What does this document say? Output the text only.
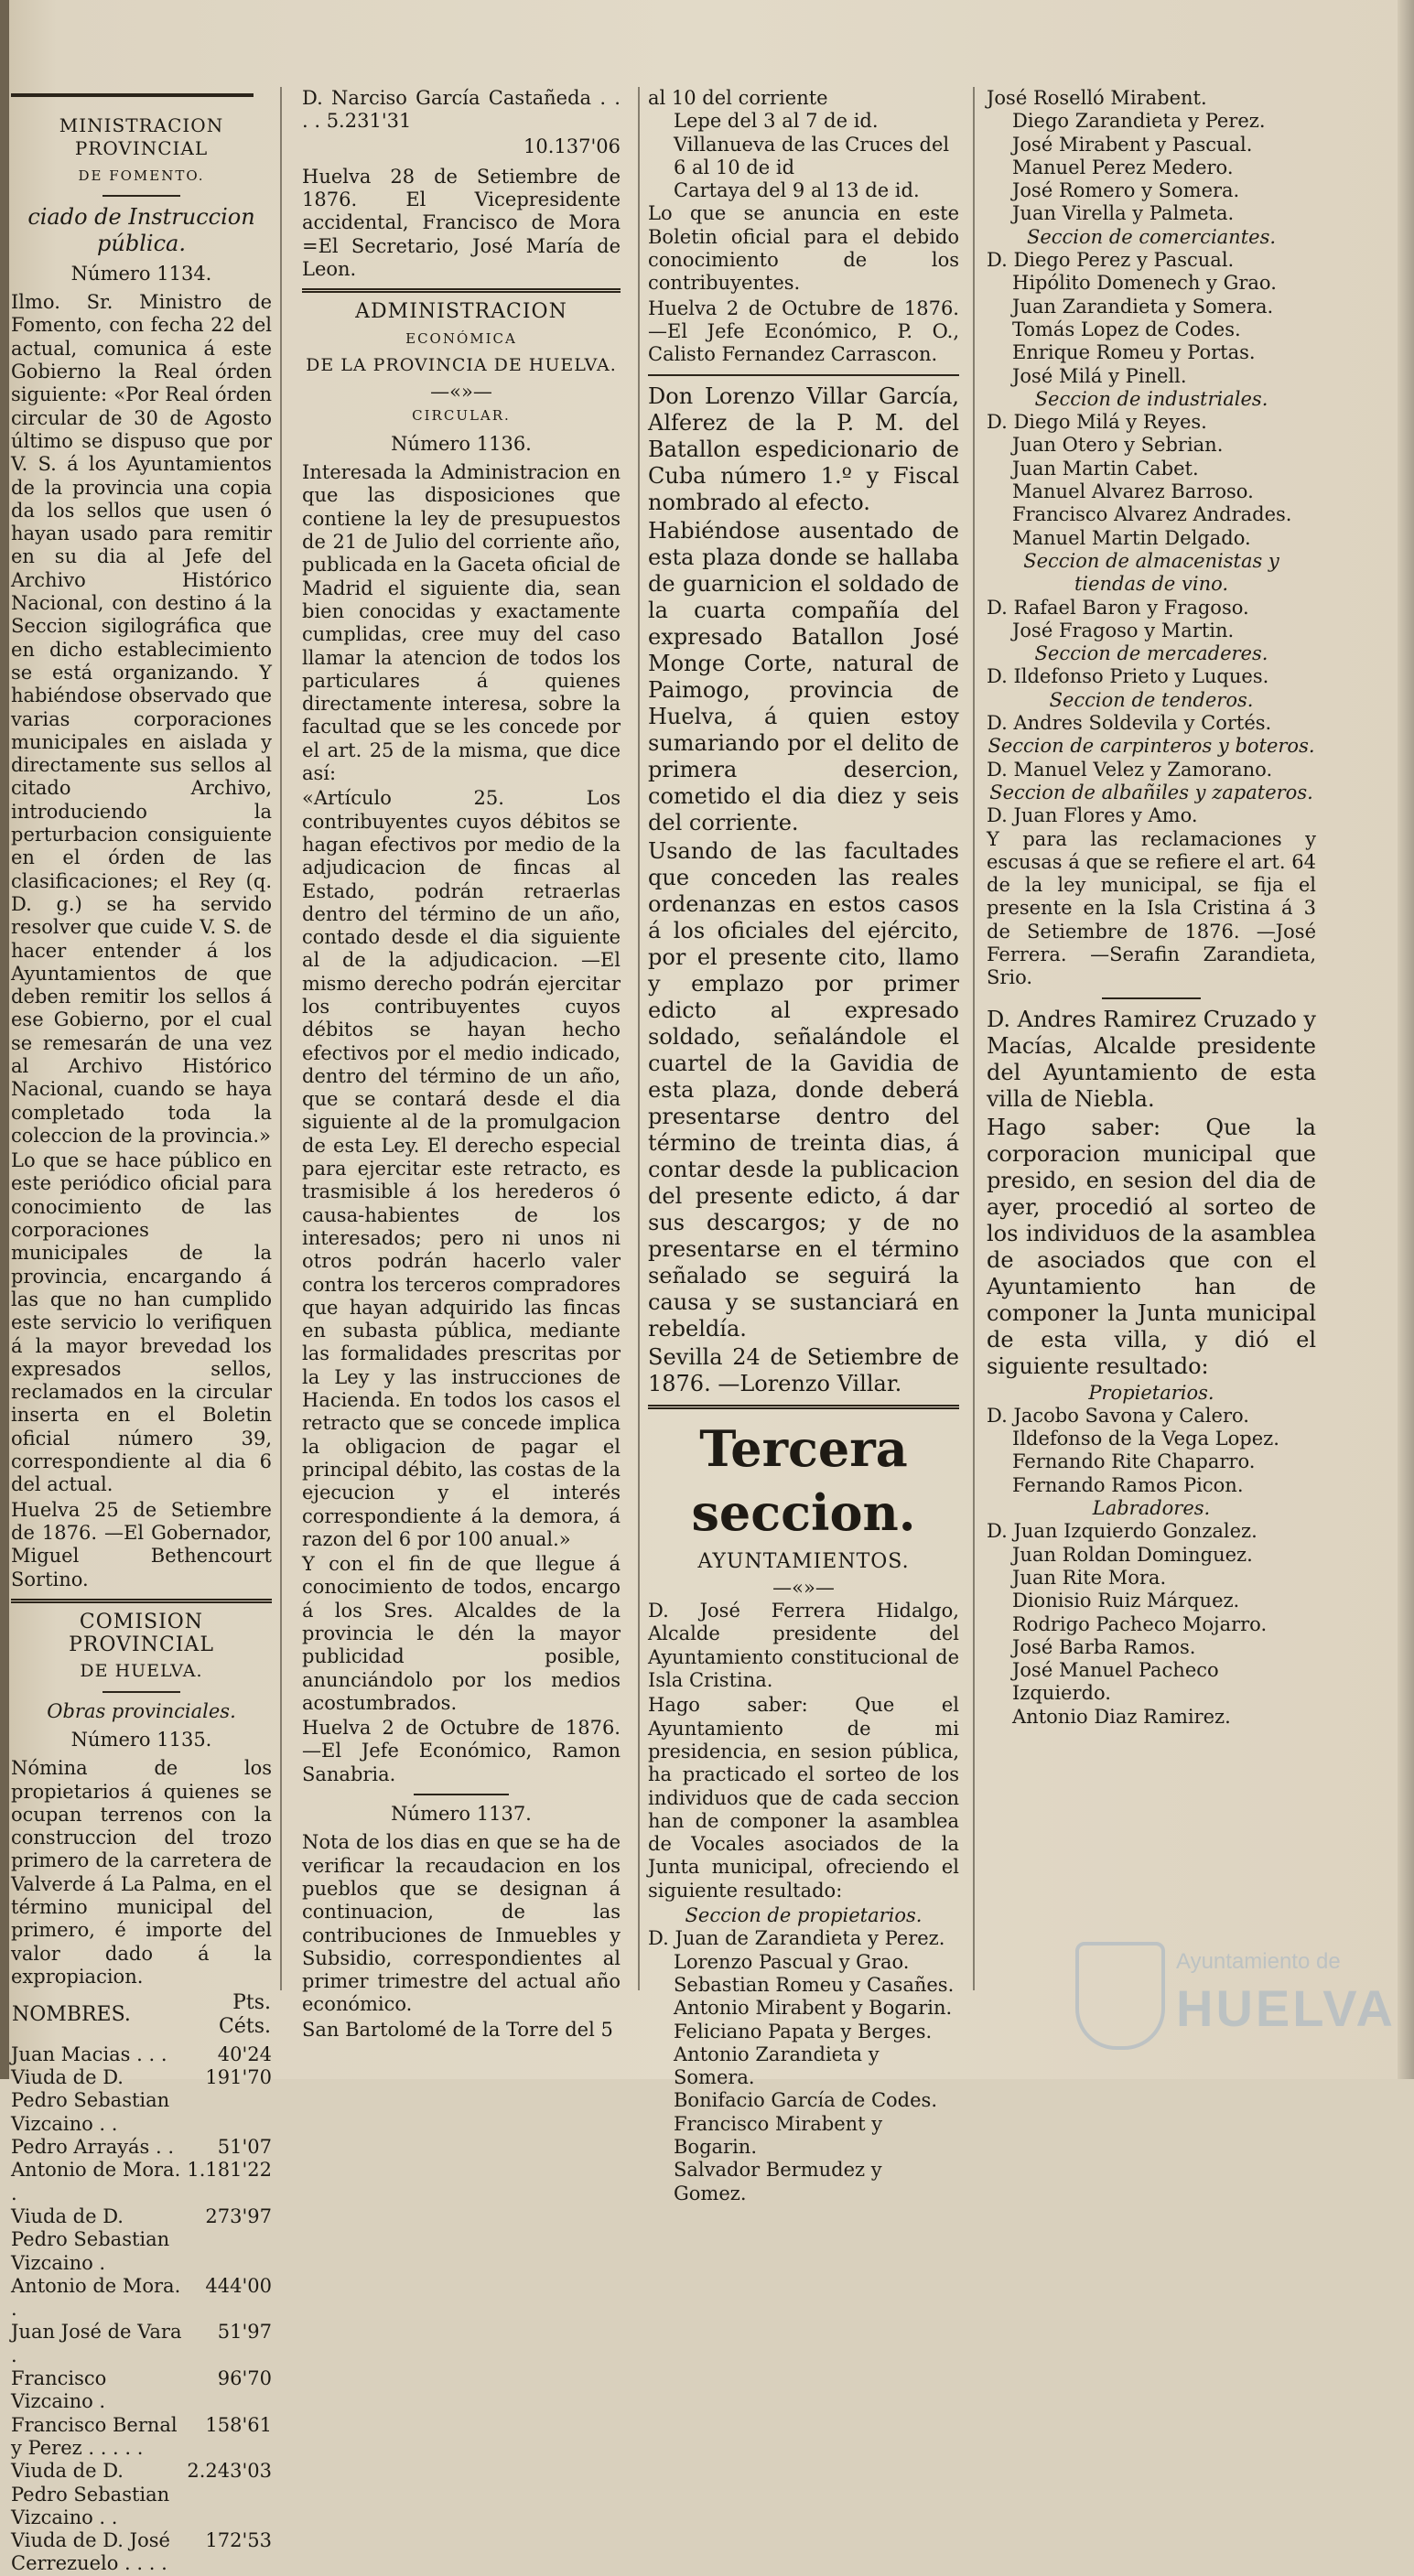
MINISTRACION PROVINCIAL
DE FOMENTO.
ciado de Instruccion pública.
Número 1134.

Ilmo. Sr. Ministro de Fomento, con fecha 22 del actual, comunica á este Gobierno la Real órden siguiente: «Por Real órden circular de 30 de Agosto último se dispuso que por V. S. á los Ayuntamientos de la provincia una copia da los sellos que usen ó hayan usado para remitir en su dia al Jefe del Archivo Histórico Nacional, con destino á la Seccion sigilográfica que en dicho establecimiento se está organizando. Y habiéndose observado que varias corporaciones municipales en aislada y directamente sus sellos al citado Archivo, introduciendo la perturbacion consiguiente en el órden de las clasificaciones; el Rey (q. D. g.) se ha servido resolver que cuide V. S. de hacer entender á los Ayuntamientos de que deben remitir los sellos á ese Gobierno, por el cual se remesarán de una vez al Archivo Histórico Nacional, cuando se haya completado toda la coleccion de la provincia.»

Lo que se hace público en este periódico oficial para conocimiento de las corporaciones municipales de la provincia, encargando á las que no han cumplido este servicio lo verifiquen á la mayor brevedad los expresados sellos, reclamados en la circular inserta en el Boletin oficial número 39, correspondiente al dia 6 del actual.

Huelva 25 de Setiembre de 1876. —El Gobernador, Miguel Bethencourt Sortino.

COMISION PROVINCIAL
DE HUELVA.
Obras provinciales.
Número 1135.

Nómina de los propietarios á quienes se ocupan terrenos con la construccion del trozo primero de la carretera de Valverde á La Palma, en el término municipal del primero, é importe del valor dado á la expropiacion.

NOMBRES.	Pts. Céts.
Juan Macias . . .	40'24
Viuda de D. Pedro Sebastian Vizcaino . .	191'70
Pedro Arrayás . .	51'07
Antonio de Mora. .	1.181'22
Viuda de D. Pedro Sebastian Vizcaino .	273'97
Antonio de Mora. .	444'00
Juan José de Vara .	51'97
Francisco Vizcaino .	96'70
Francisco Bernal y Perez . . . . .	158'61
Viuda de D. Pedro Sebastian Vizcaino . .	2.243'03
Viuda de D. José Cerrezuelo . . . .	172'53

D. Narciso García Castañeda . . . . 5.231'31

10.137'06

Huelva 28 de Setiembre de 1876. El Vicepresidente accidental, Francisco de Mora =El Secretario, José María de Leon.

ADMINISTRACION
ECONÓMICA
DE LA PROVINCIA DE HUELVA.
—«»—
CIRCULAR.
Número 1136.

Interesada la Administracion en que las disposiciones que contiene la ley de presupuestos de 21 de Julio del corriente año, publicada en la Gaceta oficial de Madrid el siguiente dia, sean bien conocidas y exactamente cumplidas, cree muy del caso llamar la atencion de todos los particulares á quienes directamente interesa, sobre la facultad que se les concede por el art. 25 de la misma, que dice así:

«Artículo 25. Los contribuyentes cuyos débitos se hagan efectivos por medio de la adjudicacion de fincas al Estado, podrán retraerlas dentro del término de un año, contado desde el dia siguiente al de la adjudicacion. —El mismo derecho podrán ejercitar los contribuyentes cuyos débitos se hayan hecho efectivos por el medio indicado, dentro del término de un año, que se contará desde el dia siguiente al de la promulgacion de esta Ley. El derecho especial para ejercitar este retracto, es trasmisible á los herederos ó causa-habientes de los interesados; pero ni unos ni otros podrán hacerlo valer contra los terceros compradores que hayan adquirido las fincas en subasta pública, mediante las formalidades prescritas por la Ley y las instrucciones de Hacienda. En todos los casos el retracto que se concede implica la obligacion de pagar el principal débito, las costas de la ejecucion y el interés correspondiente á la demora, á razon del 6 por 100 anual.»

Y con el fin de que llegue á conocimiento de todos, encargo á los Sres. Alcaldes de la provincia le dén la mayor publicidad posible, anunciándolo por los medios acostumbrados.

Huelva 2 de Octubre de 1876. —El Jefe Económico, Ramon Sanabria.

Número 1137.

Nota de los dias en que se ha de verificar la recaudacion en los pueblos que se designan á continuacion, de las contribuciones de Inmuebles y Subsidio, correspondientes al primer trimestre del actual año económico.

San Bartolomé de la Torre del 5

al 10 del corriente
Lepe del 3 al 7 de id.
Villanueva de las Cruces del 6 al 10 de id
Cartaya del 9 al 13 de id.

Lo que se anuncia en este Boletin oficial para el debido conocimiento de los contribuyentes.

Huelva 2 de Octubre de 1876. —El Jefe Económico, P. O., Calisto Fernandez Carrascon.

Don Lorenzo Villar García, Alferez de la P. M. del Batallon espedicionario de Cuba número 1.º y Fiscal nombrado al efecto.

Habiéndose ausentado de esta plaza donde se hallaba de guarnicion el soldado de la cuarta compañía del expresado Batallon José Monge Corte, natural de Paimogo, provincia de Huelva, á quien estoy sumariando por el delito de primera desercion, cometido el dia diez y seis del corriente.

Usando de las facultades que conceden las reales ordenanzas en estos casos á los oficiales del ejército, por el presente cito, llamo y emplazo por primer edicto al expresado soldado, señalándole el cuartel de la Gavidia de esta plaza, donde deberá presentarse dentro del término de treinta dias, á contar desde la publicacion del presente edicto, á dar sus descargos; y de no presentarse en el término señalado se seguirá la causa y se sustanciará en rebeldía.

Sevilla 24 de Setiembre de 1876. —Lorenzo Villar.

Tercera seccion.
AYUNTAMIENTOS.
—«»—

D. José Ferrera Hidalgo, Alcalde presidente del Ayuntamiento constitucional de Isla Cristina.

Hago saber: Que el Ayuntamiento de mi presidencia, en sesion pública, ha practicado el sorteo de los individuos que de cada seccion han de componer la asamblea de Vocales asociados de la Junta municipal, ofreciendo el siguiente resultado:

Seccion de propietarios.
D. Juan de Zarandieta y Perez.
Lorenzo Pascual y Grao.
Sebastian Romeu y Casañes.
Antonio Mirabent y Bogarin.
Feliciano Papata y Berges.
Antonio Zarandieta y Somera.
Bonifacio García de Codes.
Francisco Mirabent y Bogarin.
Salvador Bermudez y Gomez.
José Roselló Mirabent.
Diego Zarandieta y Perez.
José Mirabent y Pascual.
Manuel Perez Medero.
José Romero y Somera.
Juan Virella y Palmeta.
Seccion de comerciantes.
D. Diego Perez y Pascual.
Hipólito Domenech y Grao.
Juan Zarandieta y Somera.
Tomás Lopez de Codes.
Enrique Romeu y Portas.
José Milá y Pinell.
Seccion de industriales.
D. Diego Milá y Reyes.
Juan Otero y Sebrian.
Juan Martin Cabet.
Manuel Alvarez Barroso.
Francisco Alvarez Andrades.
Manuel Martin Delgado.
Seccion de almacenistas y tiendas de vino.
D. Rafael Baron y Fragoso.
José Fragoso y Martin.
Seccion de mercaderes.
D. Ildefonso Prieto y Luques.
Seccion de tenderos.
D. Andres Soldevila y Cortés.
Seccion de carpinteros y boteros.
D. Manuel Velez y Zamorano.
Seccion de albañiles y zapateros.
D. Juan Flores y Amo.

Y para las reclamaciones y escusas á que se refiere el art. 64 de la ley municipal, se fija el presente en la Isla Cristina á 3 de Setiembre de 1876. —José Ferrera. —Serafin Zarandieta, Srio.

D. Andres Ramirez Cruzado y Macías, Alcalde presidente del Ayuntamiento de esta villa de Niebla.

Hago saber: Que la corporacion municipal que presido, en sesion del dia de ayer, procedió al sorteo de los individuos de la asamblea de asociados que con el Ayuntamiento han de componer la Junta municipal de esta villa, y dió el siguiente resultado:

Propietarios.
D. Jacobo Savona y Calero.
Ildefonso de la Vega Lopez.
Fernando Rite Chaparro.
Fernando Ramos Picon.
Labradores.
D. Juan Izquierdo Gonzalez.
Juan Roldan Dominguez.
Juan Rite Mora.
Dionisio Ruiz Márquez.
Rodrigo Pacheco Mojarro.
José Barba Ramos.
José Manuel Pacheco Izquierdo.
Antonio Diaz Ramirez.
Ayuntamiento de
HUELVA
